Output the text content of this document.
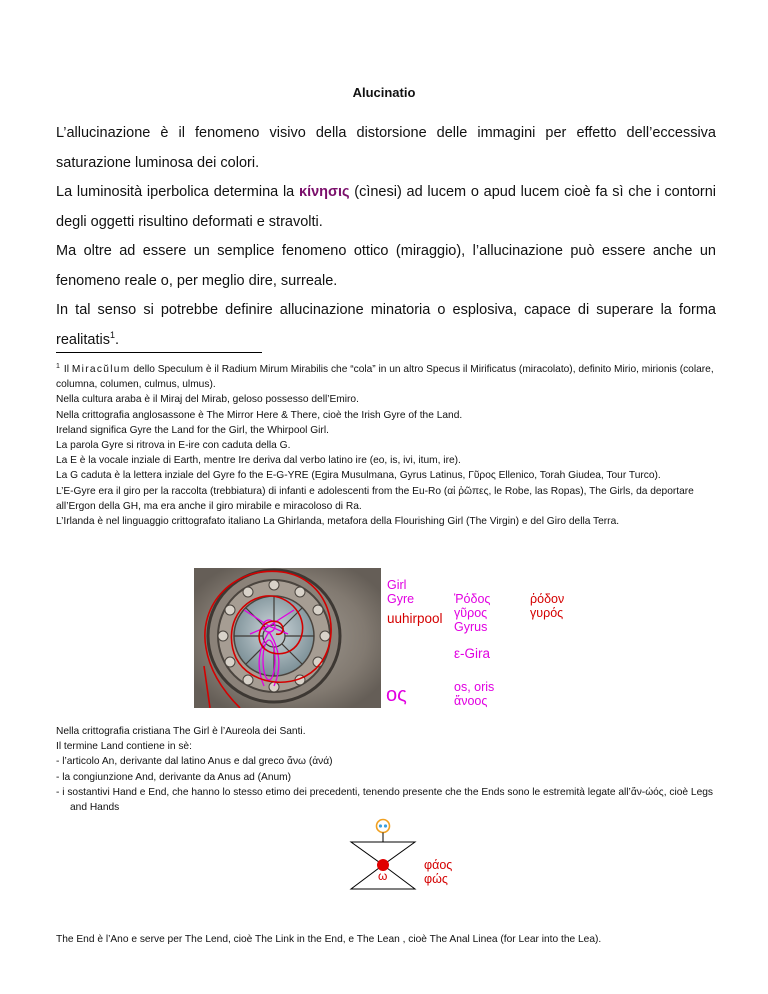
Alucinatio

L’allucinazione è il fenomeno visivo della distorsione delle immagini per effetto dell’eccessiva saturazione luminosa dei colori.

La luminosità iperbolica determina la κίνησις (cìnesi) ad lucem o apud lucem cioè fa sì che i contorni degli oggetti risultino deformati e stravolti.

Ma oltre ad essere un semplice fenomeno ottico (miraggio), l’allucinazione può essere anche un fenomeno reale o, per meglio dire, surreale.

In tal senso si potrebbe definire allucinazione minatoria o esplosiva, capace di superare la forma realitatis$^1$.

$^1$ Il Miracŭlum dello Speculum è il Radium Mirum Mirabilis che “cola” in un altro Specus il Mirificatus (miracolato), definito Mirio, mirionis (colare, columna, columen, culmus, ulmus).

Nella cultura araba è il Miraj del Mirab, geloso possesso dell’Emiro.

Nella crittografia anglosassone è The Mirror Here & There, cioè the Irish Gyre of the Land.

Ireland significa Gyre the Land for the Girl, the Whirpool Girl.

La parola Gyre si ritrova in E-ire con caduta della G.

La E è la vocale inziale di Earth, mentre Ire deriva dal verbo latino ire (eo, is, ivi, itum, ire).

La G caduta è la lettera inziale del Gyre fo the E-G-YRE (Egira Musulmana, Gyrus Latinus, Γῦρος Ellenico, Torah Giudea, Tour Turco).

L’E-Gyre era il giro per la raccolta (trebbiatura) di infanti e adolescenti from the Eu-Ro (αἱ ῥῶπες, le Robe, las Ropas), The Girls, da deportare all’Ergon della GH, ma era anche il giro mirabile e miracoloso di Ra.

L’Irlanda è nel linguaggio crittografato italiano La Ghirlanda, metafora della Flourishing Girl (The Virgin) e del Giro della Terra.

Girl
Gyre
uuhirpool
Ῥόδος
γῦρος
Gyrus
ῥόδον
γυρός
ε-Gira
ος	os, oris
ἄνοος

Nella crittografia cristiana The Girl è l’Aureola dei Santi.

Il termine Land contiene in sè:

- l’articolo An, derivante dal latino Anus e dal greco ἄνω (ἀνά)

- la congiunzione And, derivante da Anus ad (Anum)

- i sostantivi Hand e End, che hanno lo stesso etimo dei precedenti, tenendo presente che the Ends sono le estremità legate all’ἄν-ώός, cioè Legs and Hands

ω
φάος
φώς
The End è l’Ano e serve per The Lend, cioè The Link in the End, e The Lean , cioè The Anal Linea (for Lear into the Lea).
